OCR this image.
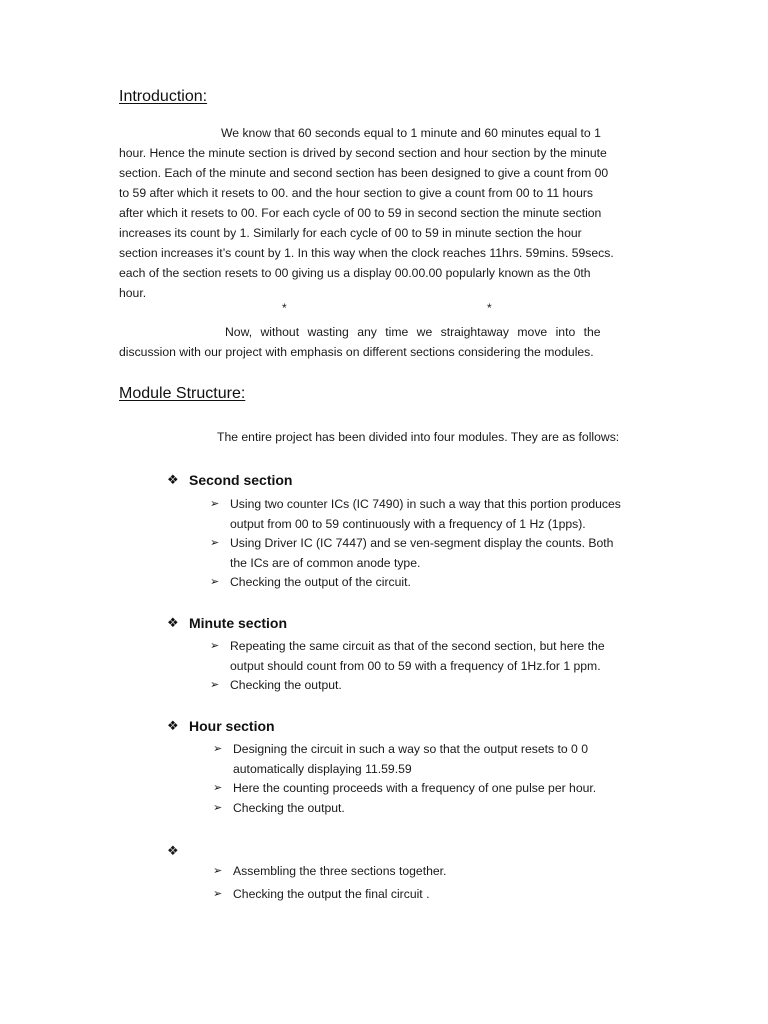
Introduction:
We know that 60 seconds equal to 1 minute and 60 minutes equal to 1
hour. Hence the minute section is drived by second section and hour section by the minute
section. Each of the minute and second section has been designed to give a count from 00
to 59 after which it resets to 00. and the hour section to give a count from 00 to 11 hours
after which it resets to 00. For each cycle of 00 to 59 in second section the minute section
increases its count by 1. Similarly for each cycle of 00 to 59 in minute section the hour
section increases it’s count by 1. In this way when the clock reaches 11hrs. 59mins. 59secs.
each of the section resets to 00 giving us a display 00.00.00 popularly known as the 0th
hour.
*	*
Now, without wasting any time we straightaway move into the
discussion with our project with emphasis on different sections considering the modules.
Module Structure:
The entire project has been divided into four modules. They are as follows:
❖ Second section
➢ Using two counter ICs (IC 7490) in such a way that this portion produces
output from 00 to 59 continuously with a frequency of 1 Hz (1pps).
➢ Using Driver IC (IC 7447) and se ven-segment display the counts. Both
the ICs are of common anode type.
➢ Checking the output of the circuit.
❖ Minute section
➢ Repeating the same circuit as that of the second section, but here the
output should count from 00 to 59 with a frequency of 1Hz.for 1 ppm.
➢ Checking the output.
❖ Hour section
➢ Designing the circuit in such a way so that the output resets to 0 0
automatically displaying 11.59.59
➢ Here the counting proceeds with a frequency of one pulse per hour.
➢ Checking the output.
❖
➢ Assembling the three sections together.
➢ Checking the output the final circuit .
